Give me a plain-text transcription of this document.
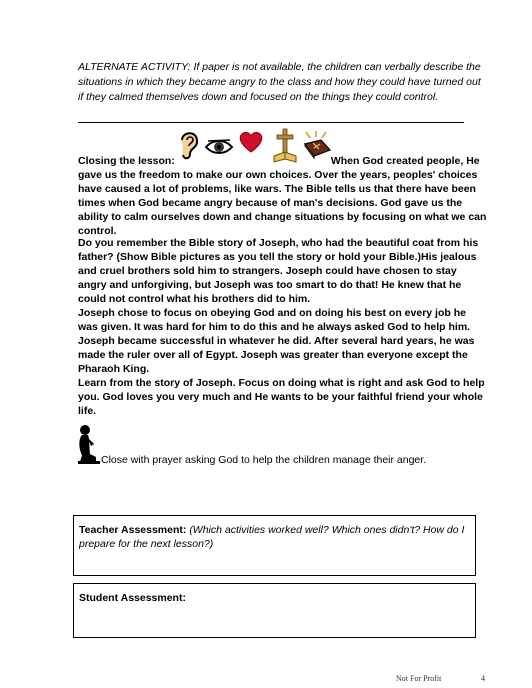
ALTERNATE ACTIVITY: If paper is not available, the children can verbally describe the situations in which they became angry to the class and how they could have turned out if they calmed themselves down and focused on the things they could control.
Closing the lesson:	When God created people, He gave us the freedom to make our own choices. Over the years, peoples' choices have caused a lot of problems, like wars. The Bible tells us that there have been times when God became angry because of man's decisions. God gave us the ability to calm ourselves down and change situations by focusing on what we can control.
Do you remember the Bible story of Joseph, who had the beautiful coat from his father? (Show Bible pictures as you tell the story or hold your Bible.)His jealous and cruel brothers sold him to strangers. Joseph could have chosen to stay angry and unforgiving, but Joseph was too smart to do that! He knew that he could not control what his brothers did to him.
Joseph chose to focus on obeying God and on doing his best on every job he was given. It was hard for him to do this and he always asked God to help him. Joseph became successful in whatever he did. After several hard years, he was made the ruler over all of Egypt. Joseph was greater than everyone except the Pharaoh King.
Learn from the story of Joseph. Focus on doing what is right and ask God to help you. God loves you very much and He wants to be your faithful friend your whole life.
Close with prayer asking God to help the children manage their anger.
Teacher Assessment: (Which activities worked well? Which ones didn't? How do I prepare for the next lesson?)
Student Assessment:
Not For Profit	4
